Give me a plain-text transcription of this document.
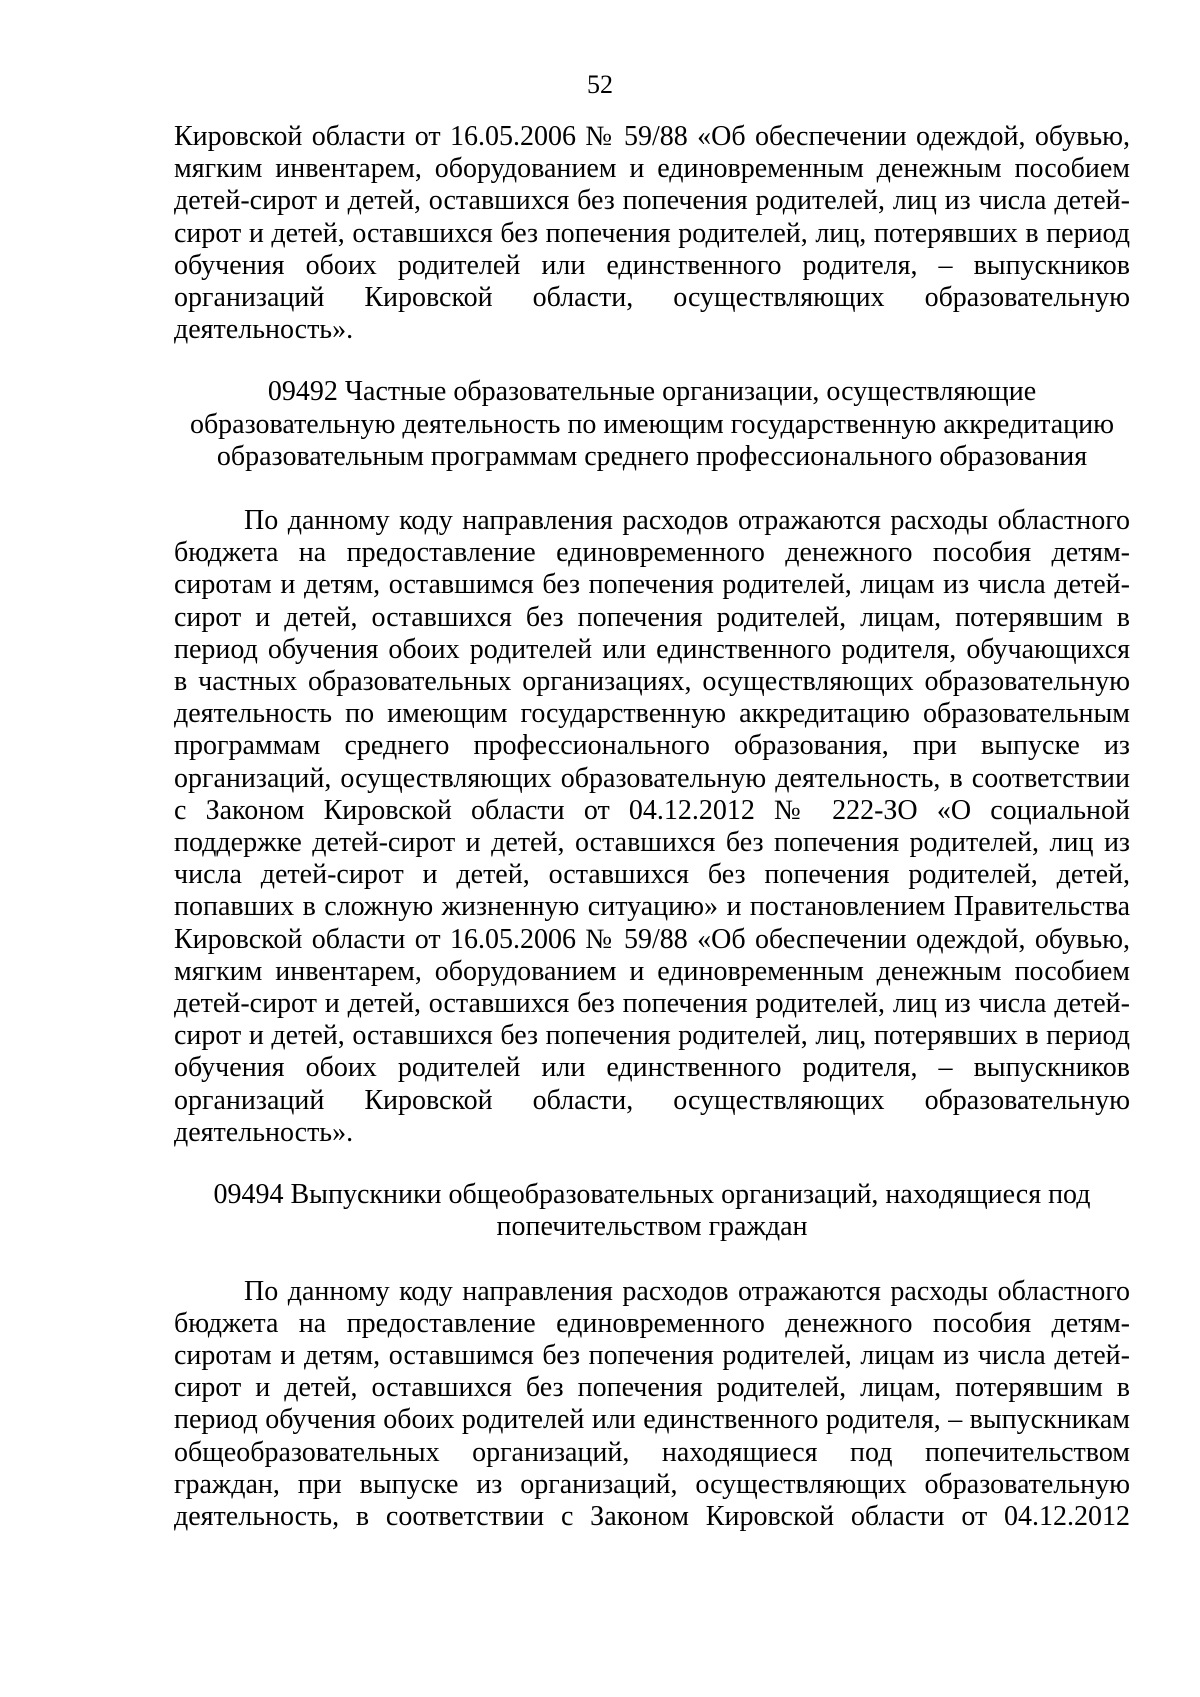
52
Кировской области от 16.05.2006 № 59/88 «Об обеспечении одеждой, обувью,
мягким инвентарем, оборудованием и единовременным денежным пособием
детей-сирот и детей, оставшихся без попечения родителей, лиц из числа детей-
сирот и детей, оставшихся без попечения родителей, лиц, потерявших в период
обучения обоих родителей или единственного родителя, – выпускников
организаций Кировской области, осуществляющих образовательную
деятельность».
09492 Частные образовательные организации, осуществляющие
образовательную деятельность по имеющим государственную аккредитацию
образовательным программам среднего профессионального образования
По данному коду направления расходов отражаются расходы областного
бюджета на предоставление единовременного денежного пособия детям-
сиротам и детям, оставшимся без попечения родителей, лицам из числа детей-
сирот и детей, оставшихся без попечения родителей, лицам, потерявшим в
период обучения обоих родителей или единственного родителя, обучающихся
в частных образовательных организациях, осуществляющих образовательную
деятельность по имеющим государственную аккредитацию образовательным
программам среднего профессионального образования, при выпуске из
организаций, осуществляющих образовательную деятельность, в соответствии
с Законом Кировской области от 04.12.2012 № 222-ЗО «О социальной
поддержке детей-сирот и детей, оставшихся без попечения родителей, лиц из
числа детей-сирот и детей, оставшихся без попечения родителей, детей,
попавших в сложную жизненную ситуацию» и постановлением Правительства
Кировской области от 16.05.2006 № 59/88 «Об обеспечении одеждой, обувью,
мягким инвентарем, оборудованием и единовременным денежным пособием
детей-сирот и детей, оставшихся без попечения родителей, лиц из числа детей-
сирот и детей, оставшихся без попечения родителей, лиц, потерявших в период
обучения обоих родителей или единственного родителя, – выпускников
организаций Кировской области, осуществляющих образовательную
деятельность».
09494 Выпускники общеобразовательных организаций, находящиеся под
попечительством граждан
По данному коду направления расходов отражаются расходы областного
бюджета на предоставление единовременного денежного пособия детям-
сиротам и детям, оставшимся без попечения родителей, лицам из числа детей-
сирот и детей, оставшихся без попечения родителей, лицам, потерявшим в
период обучения обоих родителей или единственного родителя, – выпускникам
общеобразовательных организаций, находящиеся под попечительством
граждан, при выпуске из организаций, осуществляющих образовательную
деятельность, в соответствии с Законом Кировской области от 04.12.2012
